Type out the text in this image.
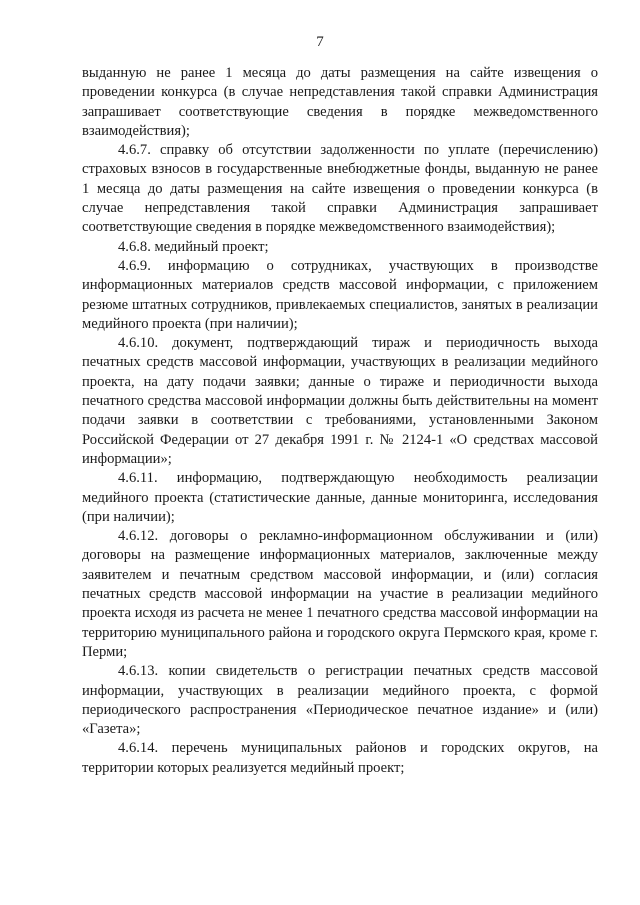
7

выданную не ранее 1 месяца до даты размещения на сайте извещения о проведении конкурса (в случае непредставления такой справки Администрация запрашивает соответствующие сведения в порядке межведомственного взаимодействия);

4.6.7. справку об отсутствии задолженности по уплате (перечислению) страховых взносов в государственные внебюджетные фонды, выданную не ранее 1 месяца до даты размещения на сайте извещения о проведении конкурса (в случае непредставления такой справки Администрация запрашивает соответствующие сведения в порядке межведомственного взаимодействия);

4.6.8. медийный проект;

4.6.9. информацию о сотрудниках, участвующих в производстве информационных материалов средств массовой информации, с приложением резюме штатных сотрудников, привлекаемых специалистов, занятых в реализации медийного проекта (при наличии);

4.6.10. документ, подтверждающий тираж и периодичность выхода печатных средств массовой информации, участвующих в реализации медийного проекта, на дату подачи заявки; данные о тираже и периодичности выхода печатного средства массовой информации должны быть действительны на момент подачи заявки в соответствии с требованиями, установленными Законом Российской Федерации от 27 декабря 1991 г. № 2124-1 «О средствах массовой информации»;

4.6.11. информацию, подтверждающую необходимость реализации медийного проекта (статистические данные, данные мониторинга, исследования (при наличии);

4.6.12. договоры о рекламно-информационном обслуживании и (или) договоры на размещение информационных материалов, заключенные между заявителем и печатным средством массовой информации, и (или) согласия печатных средств массовой информации на участие в реализации медийного проекта исходя из расчета не менее 1 печатного средства массовой информации на территорию муниципального района и городского округа Пермского края, кроме г. Перми;

4.6.13. копии свидетельств о регистрации печатных средств массовой информации, участвующих в реализации медийного проекта, с формой периодического распространения «Периодическое печатное издание» и (или) «Газета»;

4.6.14. перечень муниципальных районов и городских округов, на территории которых реализуется медийный проект;
